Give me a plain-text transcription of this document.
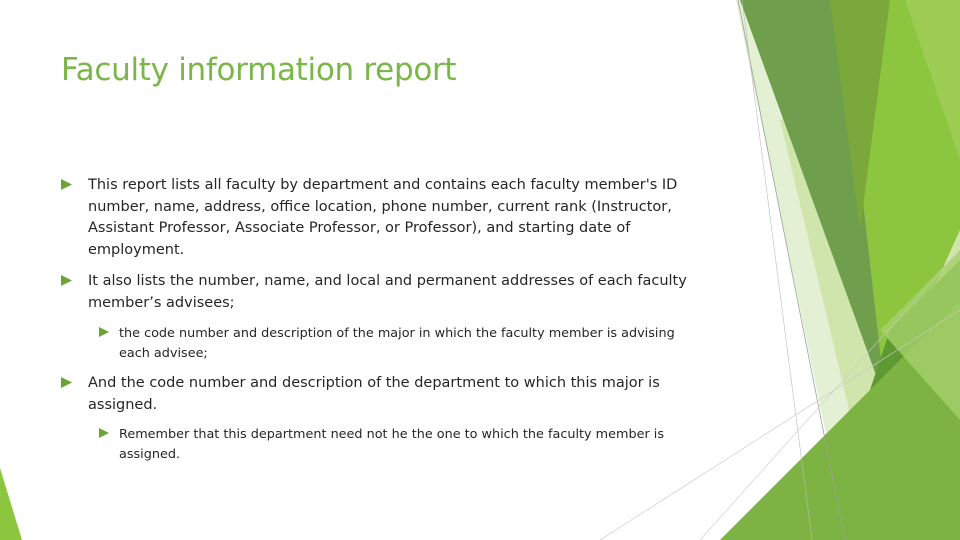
Faculty information report
This report lists all faculty by department and contains each faculty member's ID number, name, address, office location, phone number, current rank (Instructor, Assistant Professor, Associate Professor, or Professor), and starting date of employment.
It also lists the number, name, and local and permanent addresses of each faculty member’s advisees;
the code number and description of the major in which the faculty member is advising each advisee;
And the code number and description of the department to which this major is assigned.
Remember that this department need not he the one to which the faculty member is assigned.
